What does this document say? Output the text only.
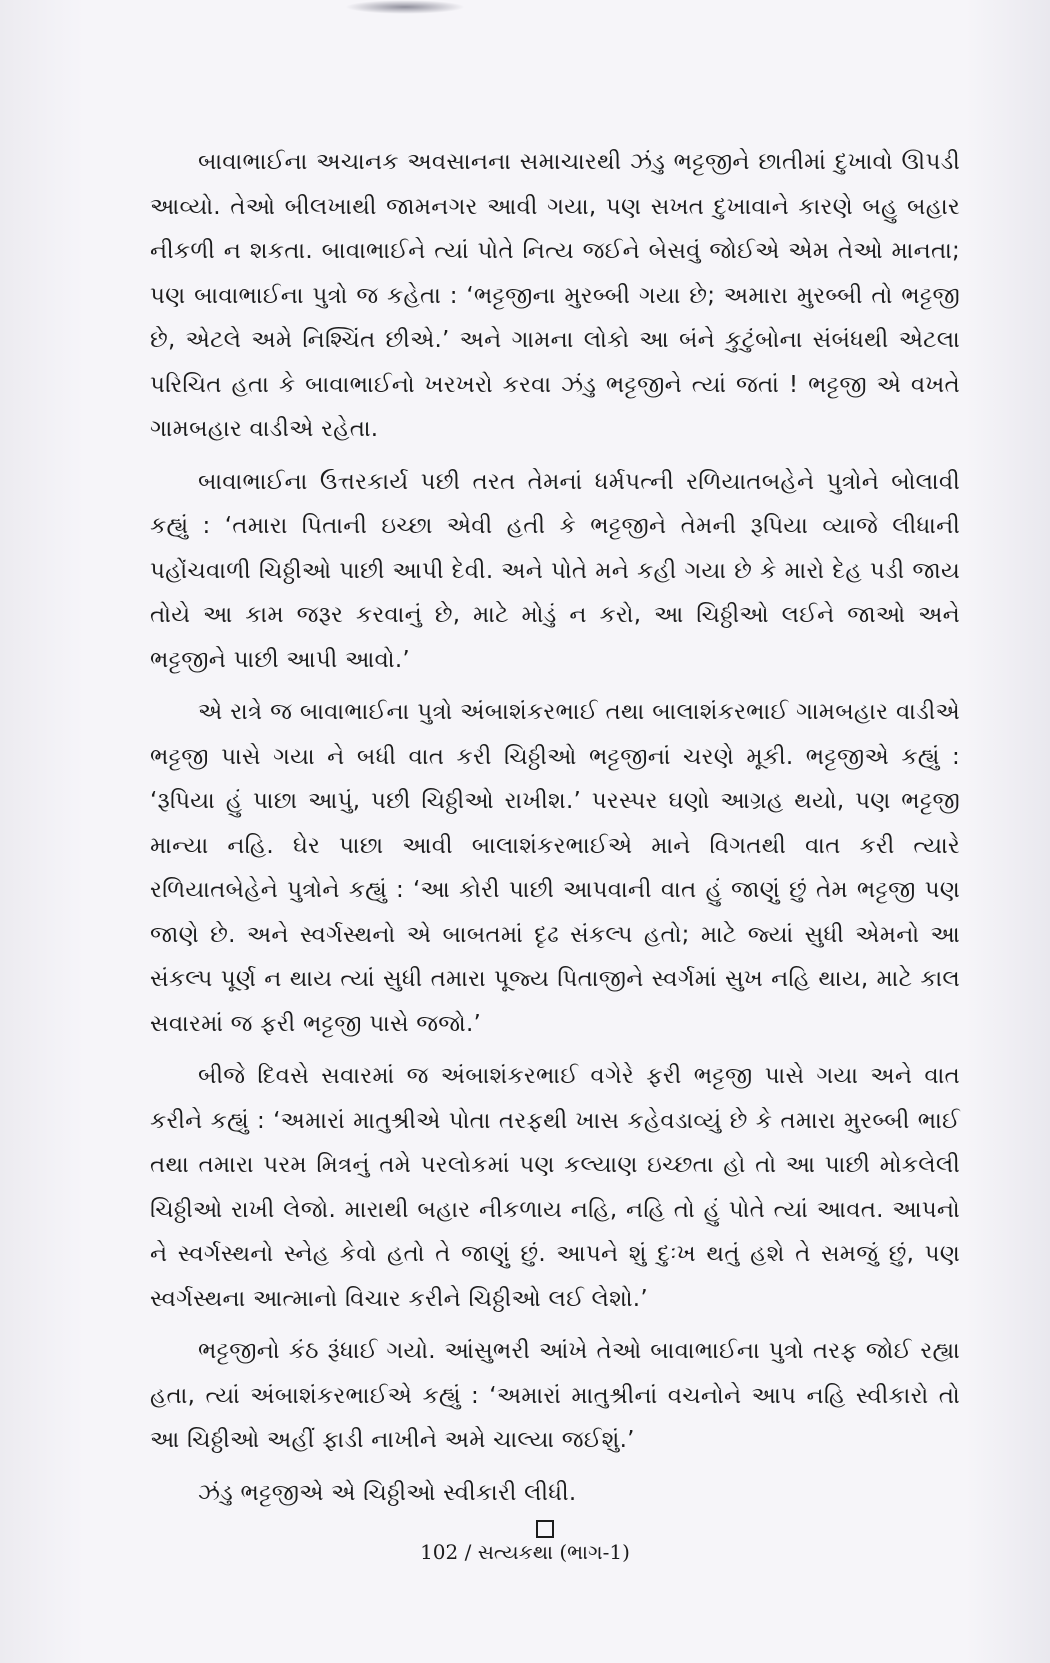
બાવાભાઈના અચાનક અવસાનના સમાચારથી ઝંડુ ભટ્ટજીને છાતીમાં દુખાવો ઊપડી આવ્યો. તેઓ બીલખાથી જામનગર આવી ગયા, પણ સખત દુખાવાને કારણે બહુ બહાર નીકળી ન શકતા. બાવાભાઈને ત્યાં પોતે નિત્ય જઈને બેસવું જોઈએ એમ તેઓ માનતા; પણ બાવાભાઈના પુત્રો જ કહેતા : ‘ભટ્ટજીના મુરબ્બી ગયા છે; અમારા મુરબ્બી તો ભટ્ટજી છે, એટલે અમે નિશ્ચિંત છીએ.’ અને ગામના લોકો આ બંને કુટુંબોના સંબંધથી એટલા પરિચિત હતા કે બાવાભાઈનો ખરખરો કરવા ઝંડુ ભટ્ટજીને ત્યાં જતાં ! ભટ્ટજી એ વખતે ગામબહાર વાડીએ રહેતા.

બાવાભાઈના ઉત્તરકાર્ય પછી તરત તેમનાં ધર્મપત્ની રળિયાતબહેને પુત્રોને બોલાવી કહ્યું : ‘તમારા પિતાની ઇચ્છા એવી હતી કે ભટ્ટજીને તેમની રૂપિયા વ્યાજે લીધાની પહોંચવાળી ચિઠ્ઠીઓ પાછી આપી દેવી. અને પોતે મને કહી ગયા છે કે મારો દેહ પડી જાય તોયે આ કામ જરૂર કરવાનું છે, માટે મોડું ન કરો, આ ચિઠ્ઠીઓ લઈને જાઓ અને ભટ્ટજીને પાછી આપી આવો.’

એ રાત્રે જ બાવાભાઈના પુત્રો અંબાશંકરભાઈ તથા બાલાશંકરભાઈ ગામબહાર વાડીએ ભટ્ટજી પાસે ગયા ને બધી વાત કરી ચિઠ્ઠીઓ ભટ્ટજીનાં ચરણે મૂકી. ભટ્ટજીએ કહ્યું : ‘રૂપિયા હું પાછા આપું, પછી ચિઠ્ઠીઓ રાખીશ.’ પરસ્પર ઘણો આગ્રહ થયો, પણ ભટ્ટજી માન્યા નહિ. ઘેર પાછા આવી બાલાશંકરભાઈએ માને વિગતથી વાત કરી ત્યારે રળિયાતબેહેને પુત્રોને કહ્યું : ‘આ કોરી પાછી આપવાની વાત હું જાણું છું તેમ ભટ્ટજી પણ જાણે છે. અને સ્વર્ગસ્થનો એ બાબતમાં દૃઢ સંકલ્પ હતો; માટે જ્યાં સુધી એમનો આ સંકલ્પ પૂર્ણ ન થાય ત્યાં સુધી તમારા પૂજ્ય પિતાજીને સ્વર્ગમાં સુખ નહિ થાય, માટે કાલ સવારમાં જ ફરી ભટ્ટજી પાસે જજો.’

બીજે દિવસે સવારમાં જ અંબાશંકરભાઈ વગેરે ફરી ભટ્ટજી પાસે ગયા અને વાત કરીને કહ્યું : ‘અમારાં માતુશ્રીએ પોતા તરફથી ખાસ કહેવડાવ્યું છે કે તમારા મુરબ્બી ભાઈ તથા તમારા પરમ મિત્રનું તમે પરલોકમાં પણ કલ્યાણ ઇચ્છતા હો તો આ પાછી મોકલેલી ચિઠ્ઠીઓ રાખી લેજો. મારાથી બહાર નીકળાય નહિ, નહિ તો હું પોતે ત્યાં આવત. આપનો ને સ્વર્ગસ્થનો સ્નેહ કેવો હતો તે જાણું છું. આપને શું દુઃખ થતું હશે તે સમજું છું, પણ સ્વર્ગસ્થના આત્માનો વિચાર કરીને ચિઠ્ઠીઓ લઈ લેશો.’

ભટ્ટજીનો કંઠ રૂંધાઈ ગયો. આંસુભરી આંખે તેઓ બાવાભાઈના પુત્રો તરફ જોઈ રહ્યા હતા, ત્યાં અંબાશંકરભાઈએ કહ્યું : ‘અમારાં માતુશ્રીનાં વચનોને આપ નહિ સ્વીકારો તો આ ચિઠ્ઠીઓ અહીં ફાડી નાખીને અમે ચાલ્યા જઈશું.’

ઝંડુ ભટ્ટજીએ એ ચિઠ્ઠીઓ સ્વીકારી લીધી.

102 / સત્યકથા (ભાગ-1)
